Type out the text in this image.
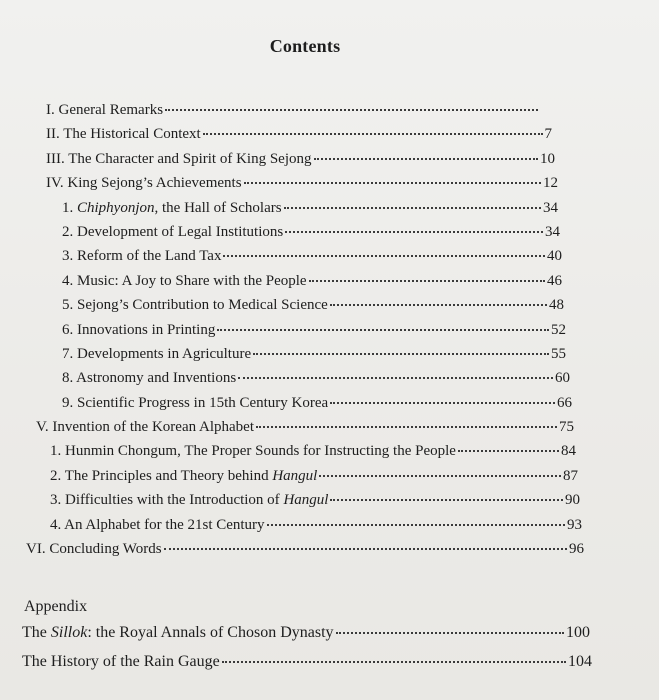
Contents
I. General Remarks
II. The Historical Context	7
III. The Character and Spirit of King Sejong	10
IV. King Sejong’s Achievements	12
1. Chiphyonjon, the Hall of Scholars	34
2. Development of Legal Institutions	34
3. Reform of the Land Tax	40
4. Music: A Joy to Share with the People	46
5. Sejong’s Contribution to Medical Science	48
6. Innovations in Printing	52
7. Developments in Agriculture	55
8. Astronomy and Inventions	60
9. Scientific Progress in 15th Century Korea	66
V. Invention of the Korean Alphabet	75
1. Hunmin Chongum, The Proper Sounds for Instructing the People	84
2. The Principles and Theory behind Hangul	87
3. Difficulties with the Introduction of Hangul	90
4. An Alphabet for the 21st Century	93
VI. Concluding Words	96
Appendix
The Sillok: the Royal Annals of Choson Dynasty	100
The History of the Rain Gauge	104
